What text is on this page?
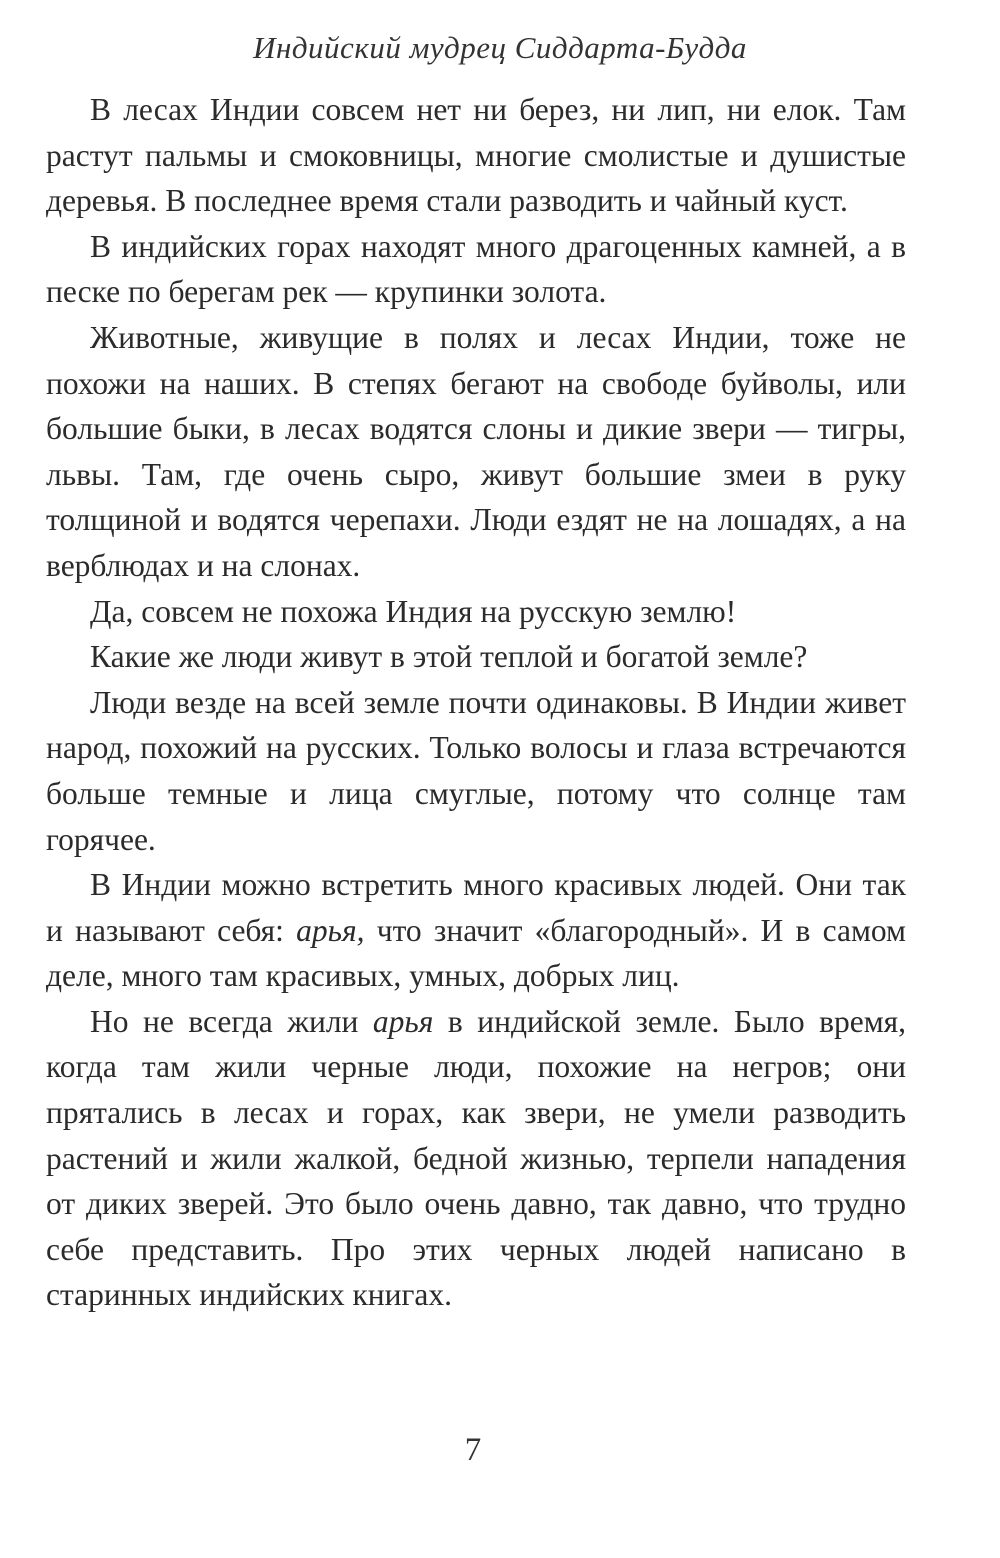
Индийский мудрец Сиддарта-Будда

В лесах Индии совсем нет ни берез, ни лип, ни елок. Там растут пальмы и смоковницы, многие смолистые и душистые деревья. В последнее время стали разводить и чайный куст.

В индийских горах находят много драгоценных камней, а в песке по берегам рек — крупинки золота.

Животные, живущие в полях и лесах Индии, тоже не похожи на наших. В степях бегают на свободе буйволы, или большие быки, в лесах водятся слоны и дикие звери — тигры, львы. Там, где очень сыро, живут большие змеи в руку толщиной и водятся черепахи. Люди ездят не на лошадях, а на верблюдах и на слонах.

Да, совсем не похожа Индия на русскую землю!

Какие же люди живут в этой теплой и богатой земле?

Люди везде на всей земле почти одинаковы. В Индии живет народ, похожий на русских. Только волосы и глаза встречаются больше темные и лица смуглые, потому что солнце там горячее.

В Индии можно встретить много красивых людей. Они так и называют себя: арья, что значит «благородный». И в самом деле, много там красивых, умных, добрых лиц.

Но не всегда жили арья в индийской земле. Было время, когда там жили черные люди, похожие на негров; они прятались в лесах и горах, как звери, не умели разводить растений и жили жалкой, бедной жизнью, терпели нападения от диких зверей. Это было очень давно, так давно, что трудно себе представить. Про этих черных людей написано в старинных индийских книгах.

7
